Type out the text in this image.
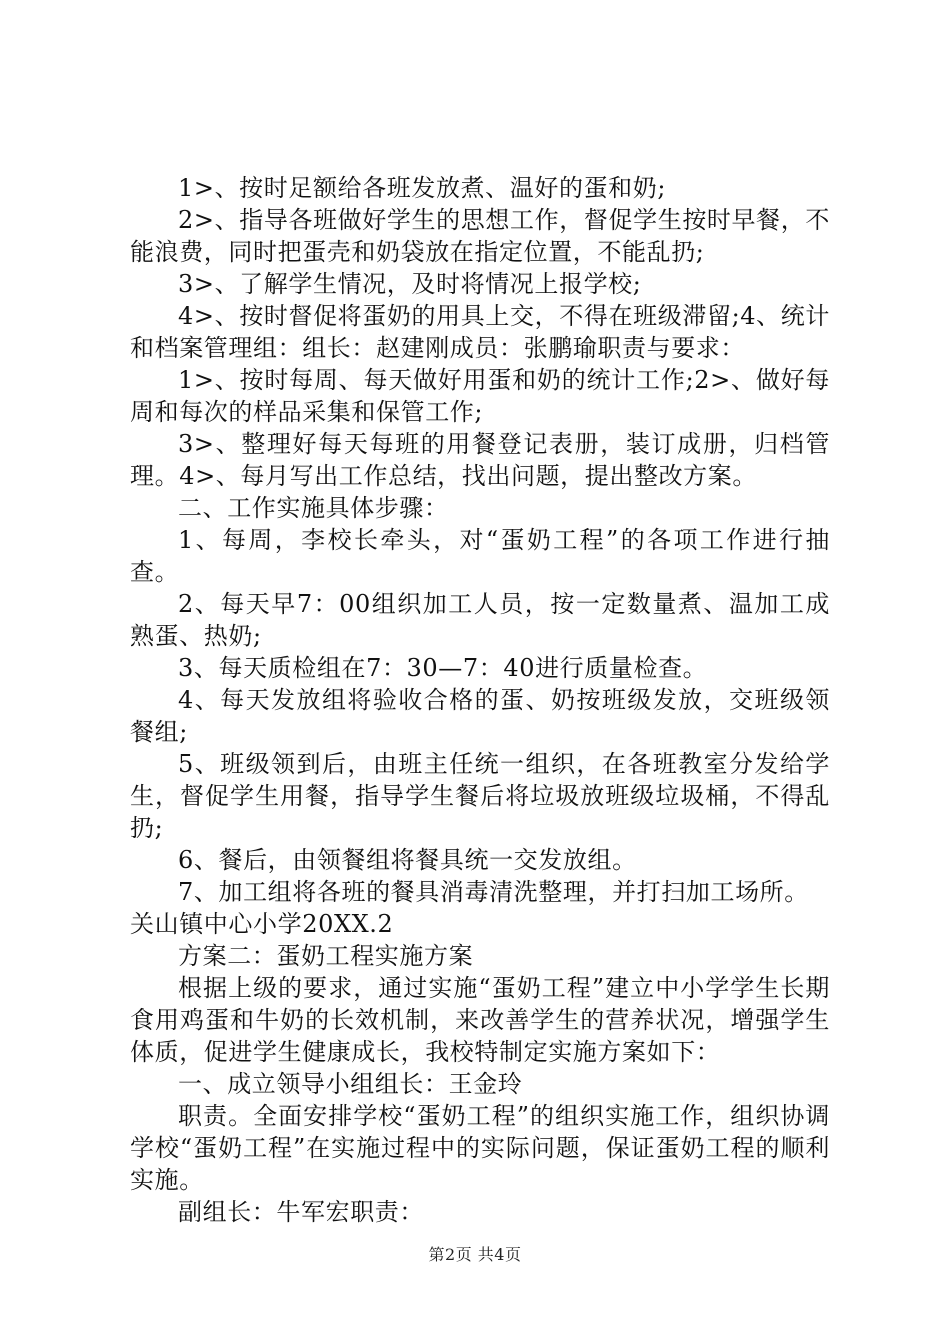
1>、按时足额给各班发放煮、温好的蛋和奶;

2>、指导各班做好学生的思想工作，督促学生按时早餐，不能浪费，同时把蛋壳和奶袋放在指定位置，不能乱扔;

3>、了解学生情况，及时将情况上报学校;

4>、按时督促将蛋奶的用具上交，不得在班级滞留;4、统计和档案管理组：组长：赵建刚成员：张鹏瑜职责与要求：

1>、按时每周、每天做好用蛋和奶的统计工作;2>、做好每周和每次的样品采集和保管工作;

3>、整理好每天每班的用餐登记表册，装订成册，归档管理。4>、每月写出工作总结，找出问题，提出整改方案。

二、工作实施具体步骤：

1、每周，李校长牵头，对“蛋奶工程”的各项工作进行抽查。

2、每天早7：00组织加工人员，按一定数量煮、温加工成熟蛋、热奶;

3、每天质检组在7：30—7：40进行质量检查。

4、每天发放组将验收合格的蛋、奶按班级发放，交班级领餐组;

5、班级领到后，由班主任统一组织，在各班教室分发给学生，督促学生用餐，指导学生餐后将垃圾放班级垃圾桶，不得乱扔;

6、餐后，由领餐组将餐具统一交发放组。

7、加工组将各班的餐具消毒清洗整理，并打扫加工场所。

关山镇中心小学20XX.2

方案二：蛋奶工程实施方案

根据上级的要求，通过实施“蛋奶工程”建立中小学学生长期食用鸡蛋和牛奶的长效机制，来改善学生的营养状况，增强学生体质，促进学生健康成长，我校特制定实施方案如下：

一、成立领导小组组长：王金玲

职责。全面安排学校“蛋奶工程”的组织实施工作，组织协调学校“蛋奶工程”在实施过程中的实际问题，保证蛋奶工程的顺利实施。

副组长：牛军宏职责：

第2页 共4页
